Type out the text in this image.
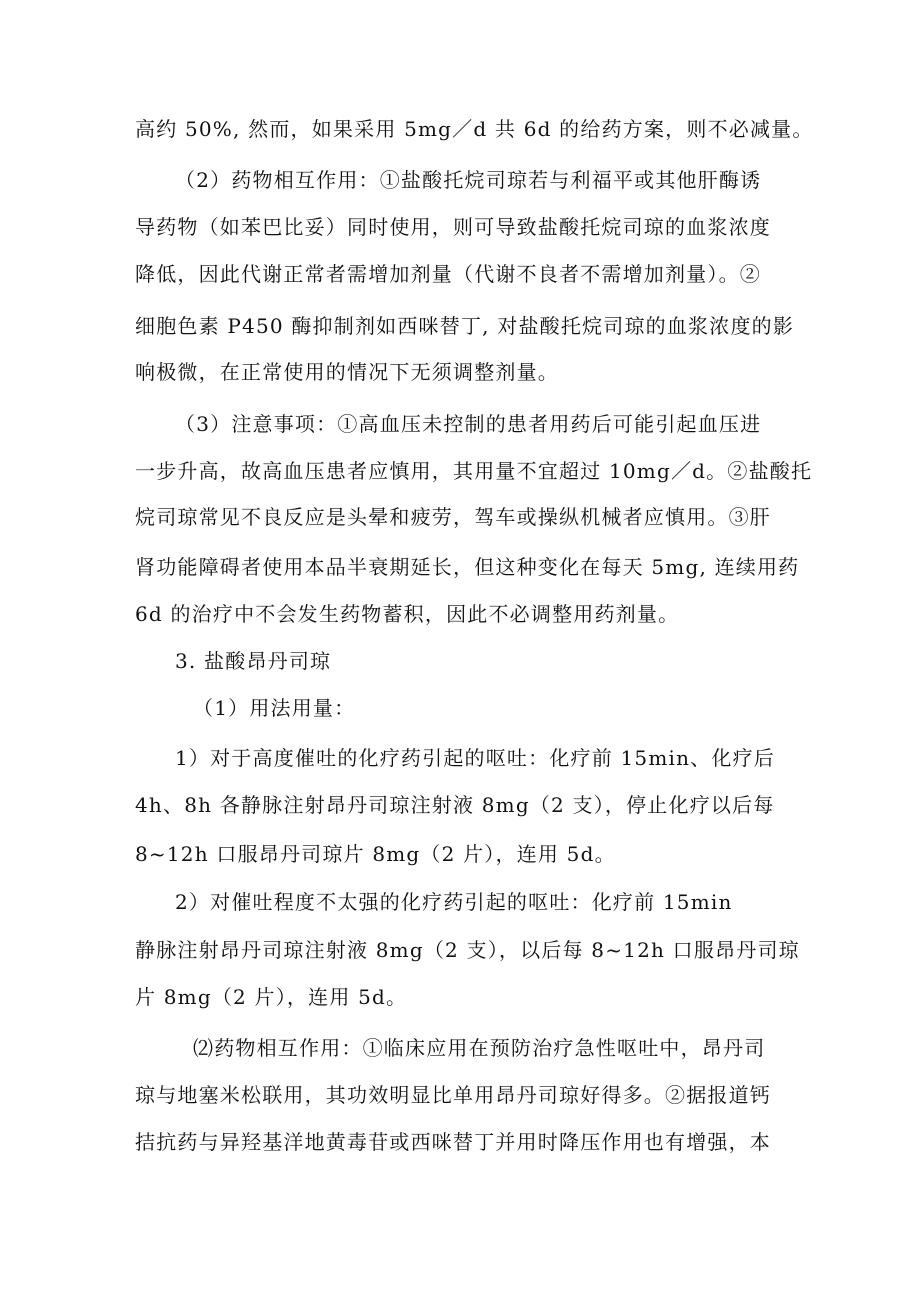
高约 50%, 然而，如果采用 5mg／d 共 6d 的给药方案，则不必减量。
（2）药物相互作用：①盐酸托烷司琼若与利福平或其他肝酶诱
导药物（如苯巴比妥）同时使用，则可导致盐酸托烷司琼的血浆浓度
降低，因此代谢正常者需增加剂量（代谢不良者不需增加剂量）。②
细胞色素 P450 酶抑制剂如西咪替丁, 对盐酸托烷司琼的血浆浓度的影
响极微，在正常使用的情况下无须调整剂量。
（3）注意事项：①高血压未控制的患者用药后可能引起血压进
一步升高，故高血压患者应慎用，其用量不宜超过 10mg／d。②盐酸托
烷司琼常见不良反应是头晕和疲劳，驾车或操纵机械者应慎用。③肝
肾功能障碍者使用本品半衰期延长，但这种变化在每天 5mg, 连续用药
6d 的治疗中不会发生药物蓄积，因此不必调整用药剂量。
3. 盐酸昂丹司琼
（1）用法用量：
1）对于高度催吐的化疗药引起的呕吐：化疗前 15min、化疗后
4h、8h 各静脉注射昂丹司琼注射液 8mg（2 支），停止化疗以后每
8~12h 口服昂丹司琼片 8mg（2 片），连用 5d。
2）对催吐程度不太强的化疗药引起的呕吐：化疗前 15min
静脉注射昂丹司琼注射液 8mg（2 支），以后每 8~12h 口服昂丹司琼
片 8mg（2 片），连用 5d。
⑵药物相互作用：①临床应用在预防治疗急性呕吐中，昂丹司
琼与地塞米松联用，其功效明显比单用昂丹司琼好得多。②据报道钙
拮抗药与异羟基洋地黄毒苷或西咪替丁并用时降压作用也有增强，本
